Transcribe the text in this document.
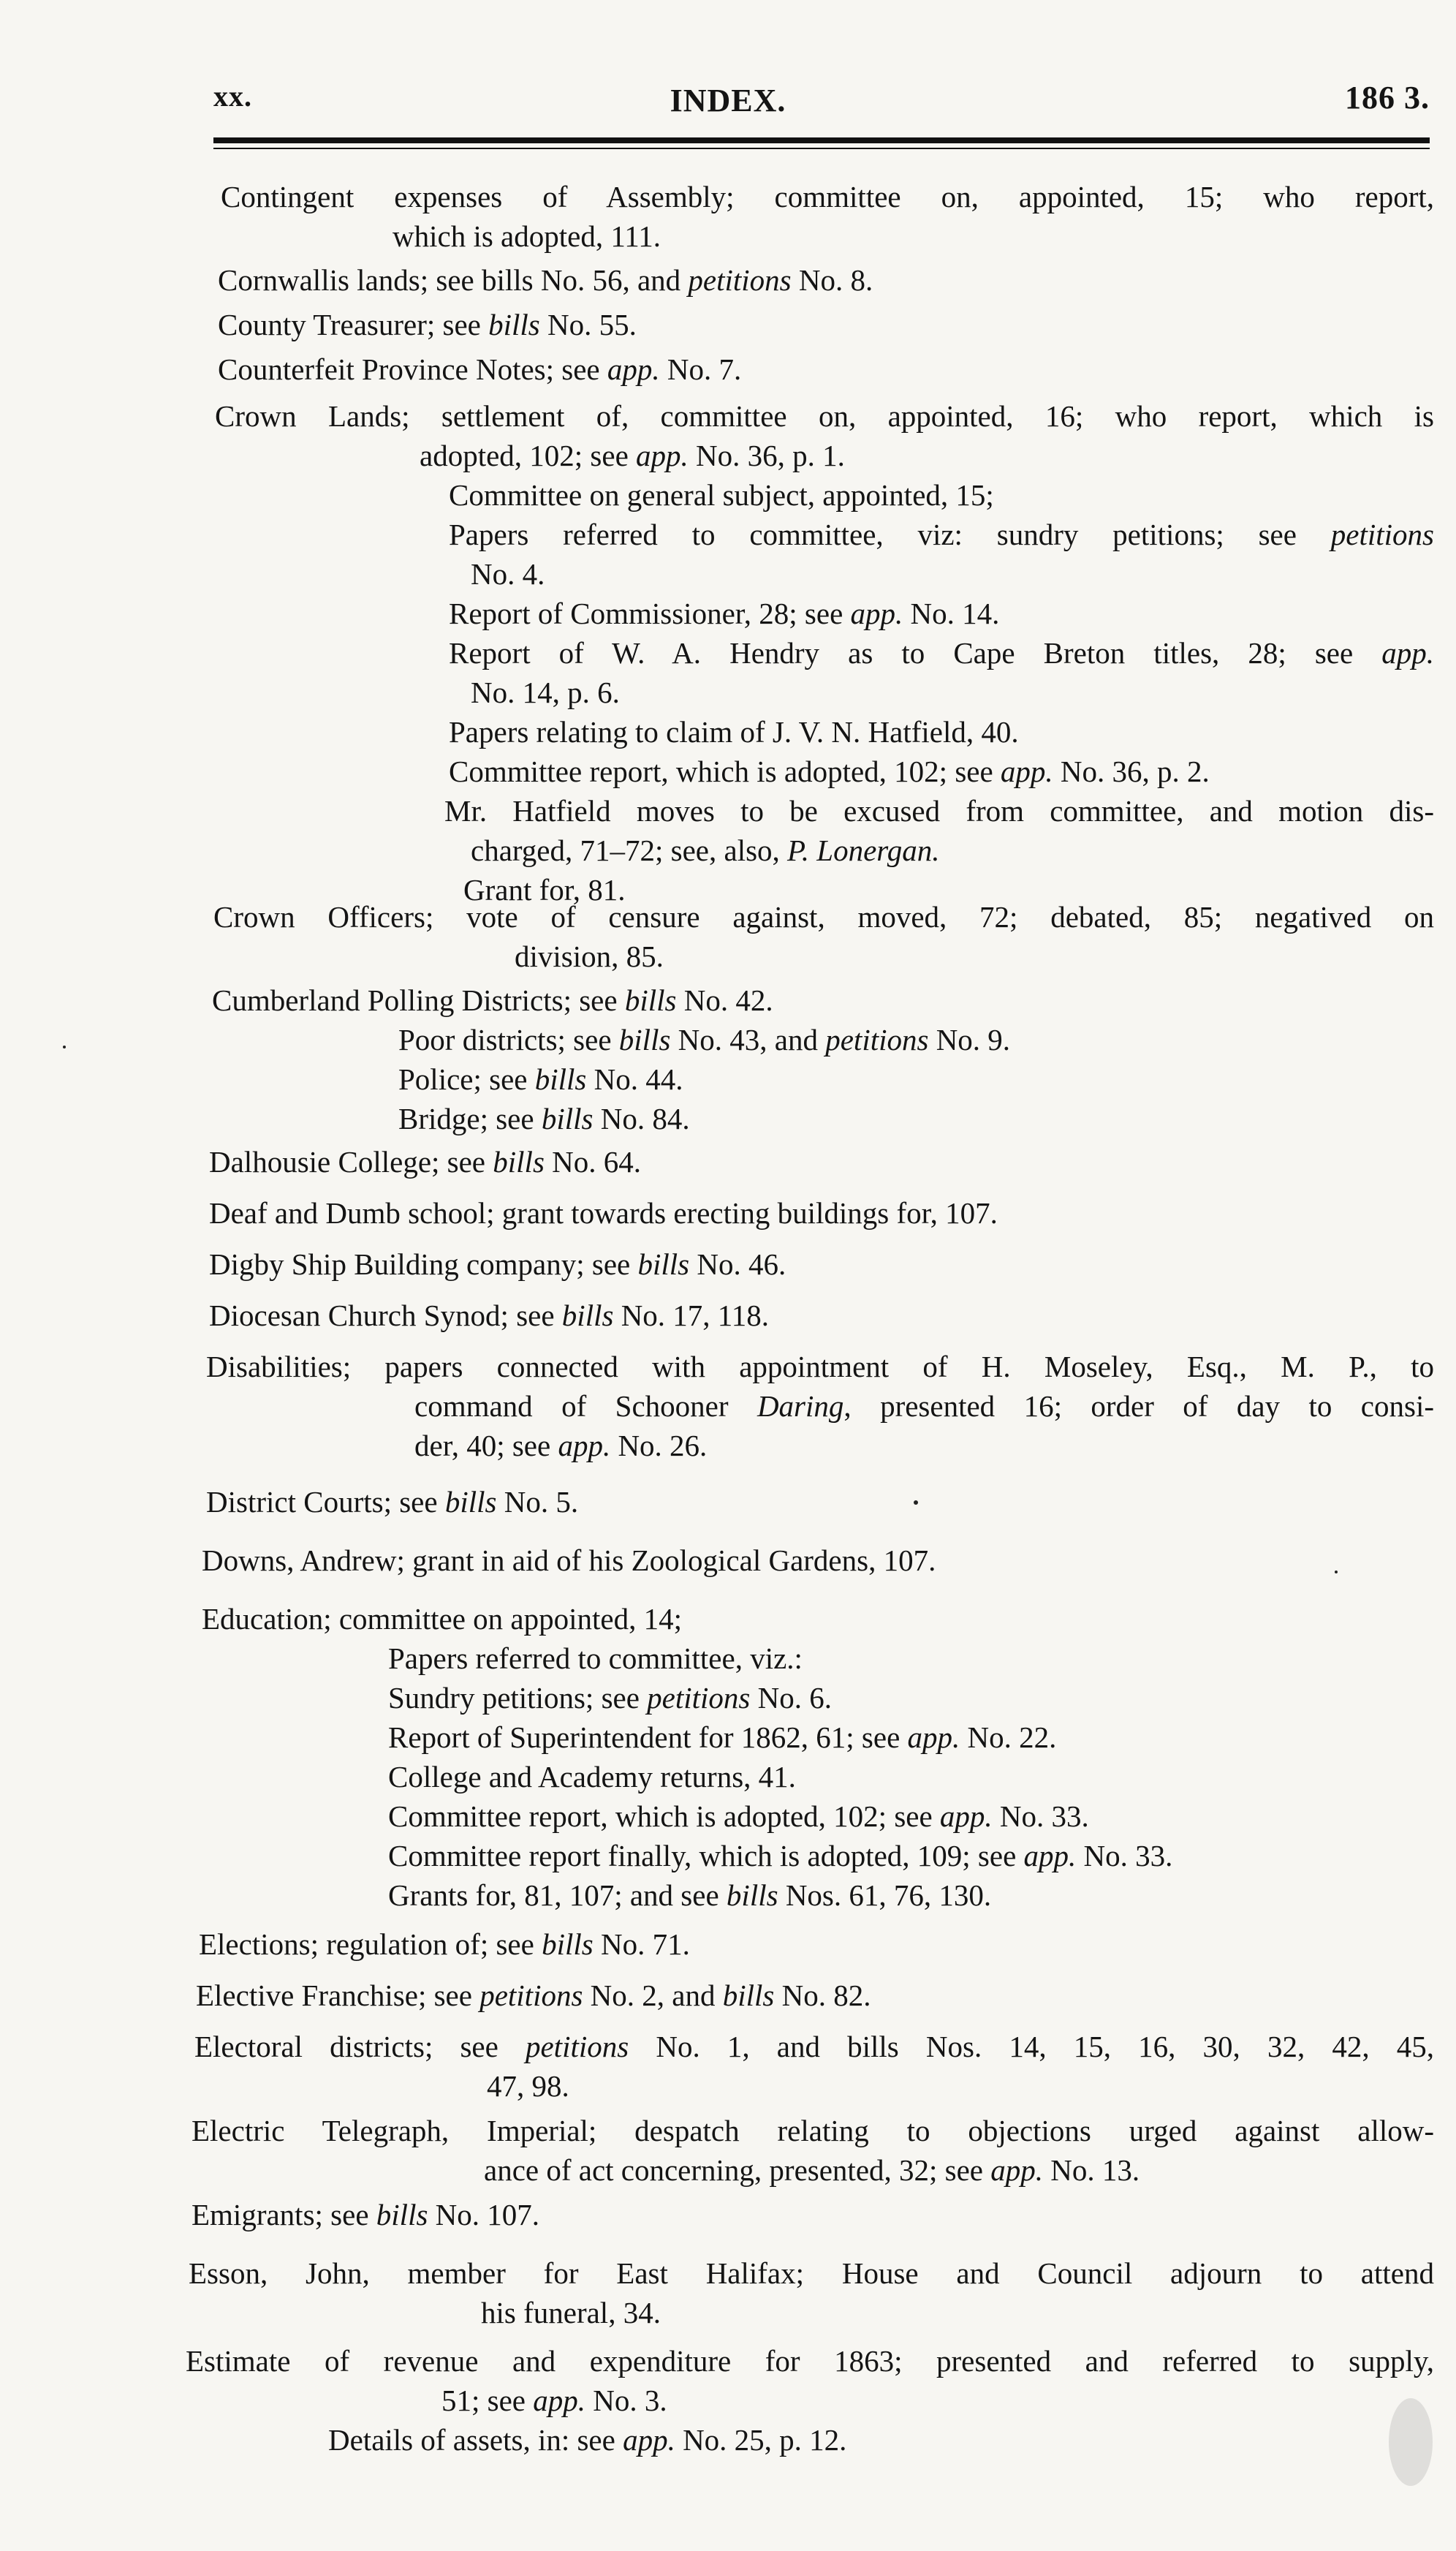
xx.	INDEX.	186 3.
Contingent expenses of Assembly; committee on, appointed, 15; who report,
which is adopted, 111.
Cornwallis lands; see bills No. 56, and petitions No. 8.
County Treasurer; see bills No. 55.
Counterfeit Province Notes; see app. No. 7.
Crown Lands; settlement of, committee on, appointed, 16; who report, which is
adopted, 102; see app. No. 36, p. 1.
Committee on general subject, appointed, 15;
Papers referred to committee, viz: sundry petitions; see petitions
No. 4.
Report of Commissioner, 28; see app. No. 14.
Report of W. A. Hendry as to Cape Breton titles, 28; see app.
No. 14, p. 6.
Papers relating to claim of J. V. N. Hatfield, 40.
Committee report, which is adopted, 102; see app. No. 36, p. 2.
Mr. Hatfield moves to be excused from committee, and motion dis-
charged, 71–72; see, also, P. Lonergan.
Grant for, 81.
Crown Officers; vote of censure against, moved, 72; debated, 85; negatived on
division, 85.
Cumberland Polling Districts; see bills No. 42.
Poor districts; see bills No. 43, and petitions No. 9.
Police; see bills No. 44.
Bridge; see bills No. 84.
Dalhousie College; see bills No. 64.
Deaf and Dumb school; grant towards erecting buildings for, 107.
Digby Ship Building company; see bills No. 46.
Diocesan Church Synod; see bills No. 17, 118.
Disabilities; papers connected with appointment of H. Moseley, Esq., M. P., to
command of Schooner Daring, presented 16; order of day to consi-
der, 40; see app. No. 26.
District Courts; see bills No. 5.
Downs, Andrew; grant in aid of his Zoological Gardens, 107.
Education; committee on appointed, 14;
Papers referred to committee, viz.:
Sundry petitions; see petitions No. 6.
Report of Superintendent for 1862, 61; see app. No. 22.
College and Academy returns, 41.
Committee report, which is adopted, 102; see app. No. 33.
Committee report finally, which is adopted, 109; see app. No. 33.
Grants for, 81, 107; and see bills Nos. 61, 76, 130.
Elections; regulation of; see bills No. 71.
Elective Franchise; see petitions No. 2, and bills No. 82.
Electoral districts; see petitions No. 1, and bills Nos. 14, 15, 16, 30, 32, 42, 45,
47, 98.
Electric Telegraph, Imperial; despatch relating to objections urged against allow-
ance of act concerning, presented, 32; see app. No. 13.
Emigrants; see bills No. 107.
Esson, John, member for East Halifax; House and Council adjourn to attend
his funeral, 34.
Estimate of revenue and expenditure for 1863; presented and referred to supply,
51; see app. No. 3.
Details of assets, in: see app. No. 25, p. 12.
